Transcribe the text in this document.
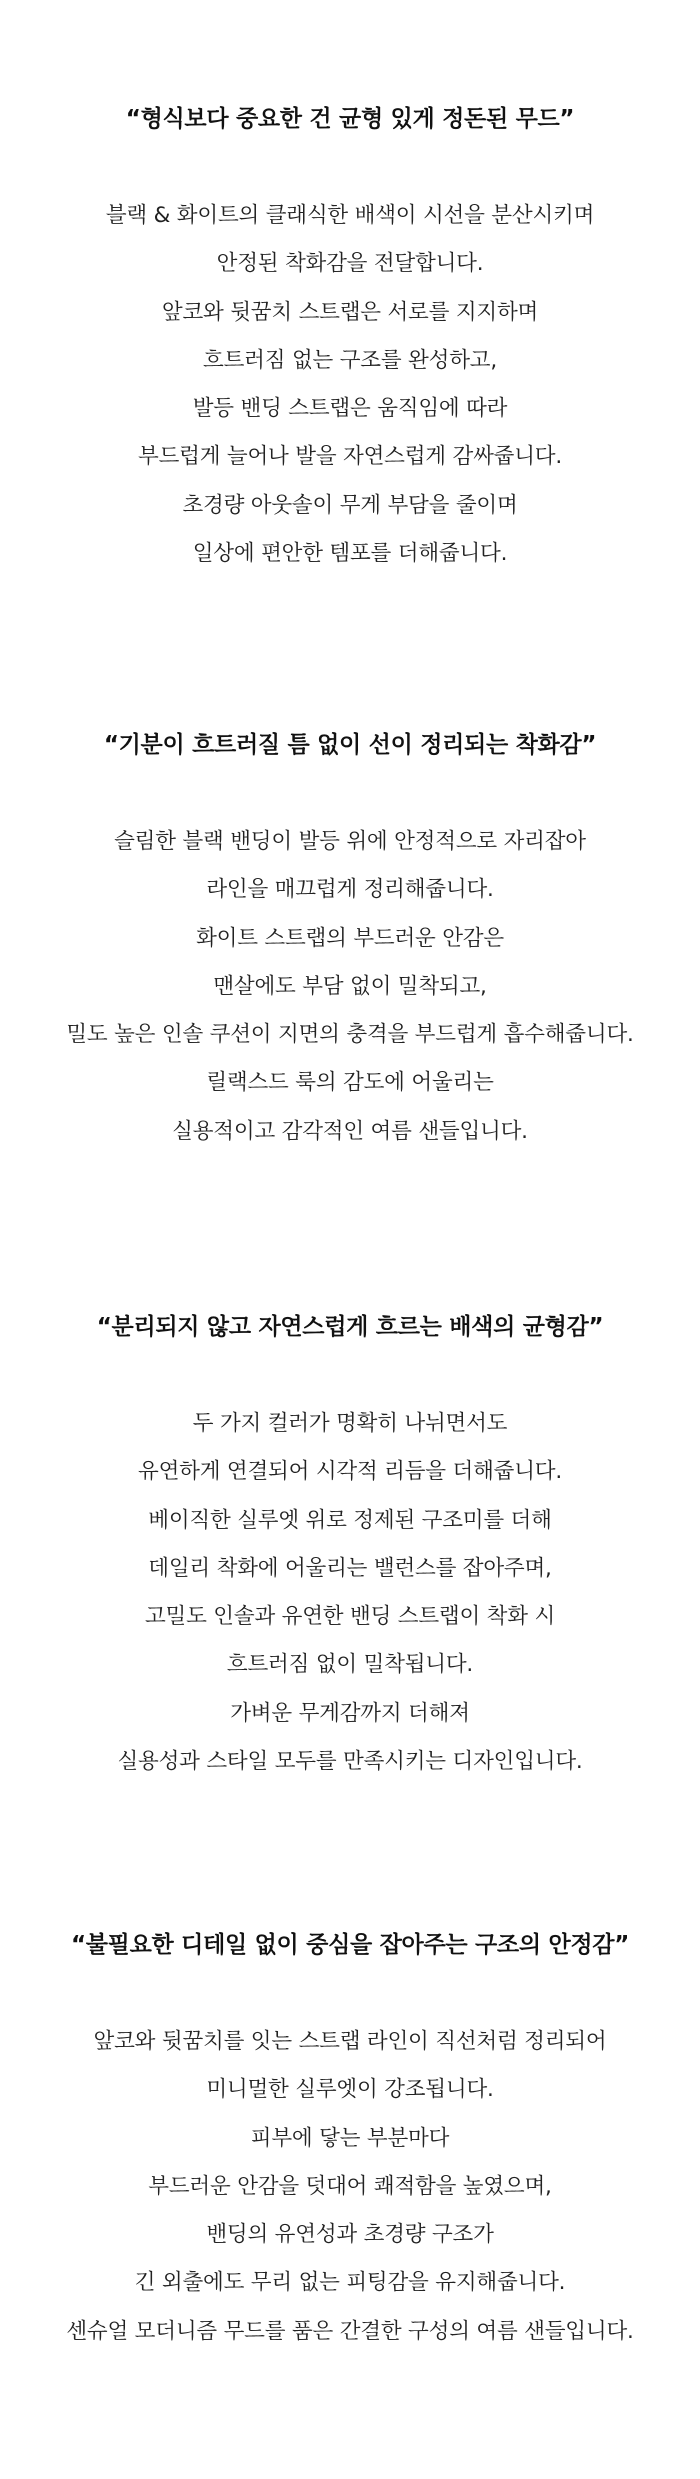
“형식보다 중요한 건 균형 있게 정돈된 무드”
블랙 & 화이트의 클래식한 배색이 시선을 분산시키며
안정된 착화감을 전달합니다.
앞코와 뒷꿈치 스트랩은 서로를 지지하며
흐트러짐 없는 구조를 완성하고,
발등 밴딩 스트랩은 움직임에 따라
부드럽게 늘어나 발을 자연스럽게 감싸줍니다.
초경량 아웃솔이 무게 부담을 줄이며
일상에 편안한 템포를 더해줍니다.
“기분이 흐트러질 틈 없이 선이 정리되는 착화감”
슬림한 블랙 밴딩이 발등 위에 안정적으로 자리잡아
라인을 매끄럽게 정리해줍니다.
화이트 스트랩의 부드러운 안감은
맨살에도 부담 없이 밀착되고,
밀도 높은 인솔 쿠션이 지면의 충격을 부드럽게 흡수해줍니다.
릴랙스드 룩의 감도에 어울리는
실용적이고 감각적인 여름 샌들입니다.
“분리되지 않고 자연스럽게 흐르는 배색의 균형감”
두 가지 컬러가 명확히 나뉘면서도
유연하게 연결되어 시각적 리듬을 더해줍니다.
베이직한 실루엣 위로 정제된 구조미를 더해
데일리 착화에 어울리는 밸런스를 잡아주며,
고밀도 인솔과 유연한 밴딩 스트랩이 착화 시
흐트러짐 없이 밀착됩니다.
가벼운 무게감까지 더해져
실용성과 스타일 모두를 만족시키는 디자인입니다.
“불필요한 디테일 없이 중심을 잡아주는 구조의 안정감”
앞코와 뒷꿈치를 잇는 스트랩 라인이 직선처럼 정리되어
미니멀한 실루엣이 강조됩니다.
피부에 닿는 부분마다
부드러운 안감을 덧대어 쾌적함을 높였으며,
밴딩의 유연성과 초경량 구조가
긴 외출에도 무리 없는 피팅감을 유지해줍니다.
센슈얼 모더니즘 무드를 품은 간결한 구성의 여름 샌들입니다.
